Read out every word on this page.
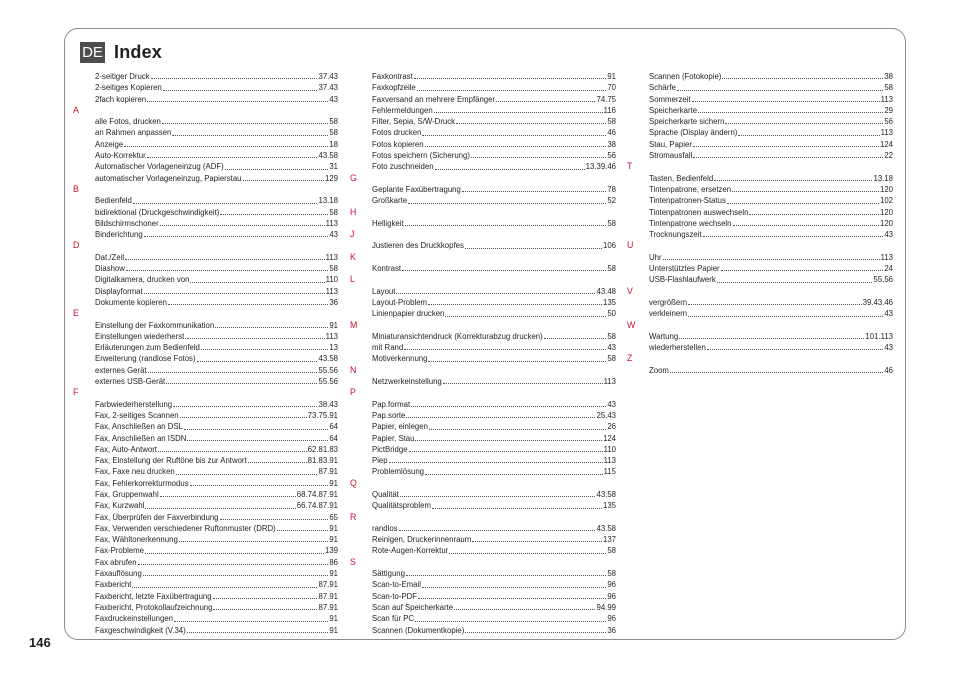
DE Index
2-seitiger Druck	37.43
2-seitiges Kopieren	37.43
2fach kopieren	43
A
alle Fotos, drucken	58
an Rahmen anpassen	58
Anzeige	18
Auto-Korrektur	43.58
Automatischer Vorlageneinzug (ADF)	31
automatischer Vorlageneinzug, Papierstau	129
B
Bedienfeld	13.18
bidirektional (Druckgeschwindigkeit)	58
Bildschirmschoner	113
Binderichtung	43
D
Dat./Zeit	113
Diashow	58
Digitalkamera, drucken von	110
Displayformat	113
Dokumente kopieren	36
E
Einstellung der Faxkommunikation	91
Einstellungen wiederherst.	113
Erläuterungen zum Bedienfeld	13
Erweiterung (randlose Fotos)	43.58
externes Gerät	55.56
externes USB-Gerät	55.56
F
Farbwiederherstellung	38.43
Fax, 2-seitiges Scannen	73.75.91
Fax, Anschließen an DSL	64
Fax, Anschließen an ISDN	64
Fax, Auto-Antwort	62.81.83
Fax, Einstellung der Ruftöne bis zur Antwort	81.83.91
Fax, Faxe neu drucken	87.91
Fax, Fehlerkorrekturmodus	91
Fax, Gruppenwahl	68.74.87.91
Fax, Kurzwahl	66.74.87.91
Fax, Überprüfen der Faxverbindung	65
Fax, Verwenden verschiedener Ruftonmuster (DRD)	91
Fax, Wähltonerkennung	91
Fax-Probleme	139
Fax abrufen	86
Faxauflösung	91
Faxbericht	87.91
Faxbericht, letzte Faxübertragung	87.91
Faxbericht, Protokollaufzeichnung	87.91
Faxdruckeinstellungen	91
Faxgeschwindigkeit (V.34)	91
Faxkontrast	91
Faxkopfzeile	70
Faxversand an mehrere Empfänger	74.75
Fehlermeldungen	116
Filter, Sepia, S/W-Druck	58
Fotos drucken	46
Fotos kopieren	38
Fotos speichern (Sicherung)	56
Foto zuschneiden	13.39.46
G
Geplante Faxübertragung	78
Großkarte	52
H
Helligkeit	58
J
Justieren des Druckkopfes	106
K
Kontrast	58
L
Layout	43.48
Layout-Problem	135
Linienpapier drucken	50
M
Miniaturansichtendruck (Korrekturabzug drucken)	58
mit Rand	43
Motiverkennung	58
N
Netzwerkeinstellung	113
P
Pap.format	43
Pap.sorte	25.43
Papier, einlegen	26
Papier, Stau	124
PictBridge	110
Piep	113
Problemlösung	115
Q
Qualität	43.58
Qualitätsproblem	135
R
randlos	43.58
Reinigen, Druckerinnenraum	137
Rote-Augen-Korrektur	58
S
Sättigung	58
Scan-to-Email	96
Scan-to-PDF	96
Scan auf Speicherkarte	94.99
Scan für PC	96
Scannen (Dokumentkopie)	36
Scannen (Fotokopie)	38
Schärfe	58
Sommerzeit	113
Speicherkarte	29
Speicherkarte sichern	56
Sprache (Display ändern)	113
Stau, Papier	124
Stromausfall	22
T
Tasten, Bedienfeld	13.18
Tintenpatrone, ersetzen	120
Tintenpatronen-Status	102
Tintenpatronen auswechseln	120
Tintenpatrone wechseln	120
Trocknungszeit	43
U
Uhr	113
Unterstütztes Papier	24
USB-Flashlaufwerk	55.56
V
vergrößern	39.43.46
verkleinern	43
W
Wartung	101.113
wiederherstellen	43
Z
Zoom	46
146
